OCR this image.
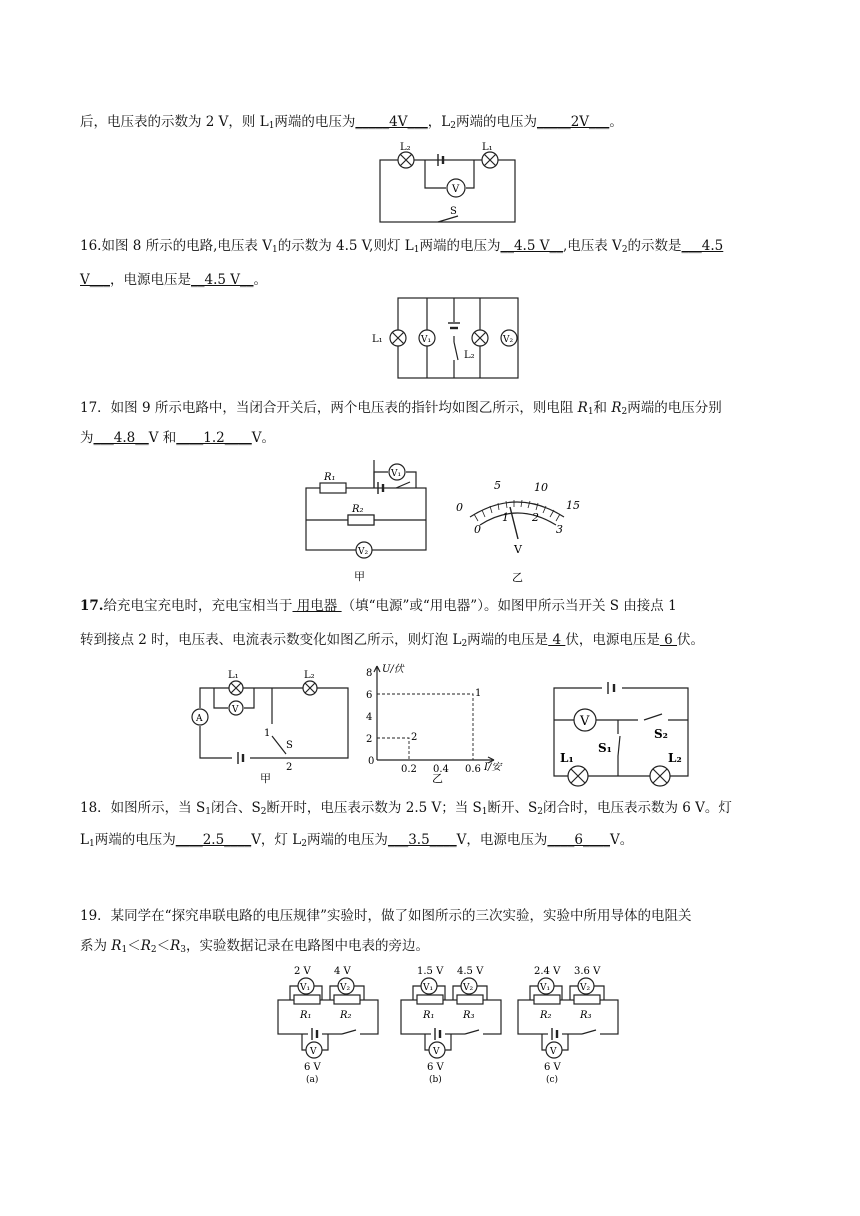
后，电压表的示数为 2 V，则 $L_1$两端的电压为_____4V___，$L_2$两端的电压为_____2V___。
L₂	L₁
V
S
16.如图 8 所示的电路,电压表 $V_1$的示数为 4.5 V,则灯 $L_1$两端的电压为__4.5 V__,电压表 $V_2$的示数是___4.5
V___，电源电压是__4.5 V__。
L₁	V₁
L₂
V₂
17．如图 9 所示电路中，当闭合开关后，两个电压表的指针均如图乙所示，则电阻 $R_1$和 $R_2$两端的电压分别
为___4.8__V 和____1.2____V。
R₁	V₁
R₂
V₂
甲
0
5	10
15
0
1 2
3
V
乙
17.给充电宝充电时，充电宝相当于 用电器 （填“电源”或“用电器”）。如图甲所示当开关 S 由接点 1
转到接点 2 时，电压表、电流表示数变化如图乙所示，则灯泡 $L_2$两端的电压是 4 伏，电源电压是 6 伏。
L₁	L₂
A
V
1
S
2
甲
2
4
6
8
0.2 0.4 0.6
2
1
U/伏
I/安
0
乙
V
S₂
S₁
L₁	L₂
18．如图所示，当 $S_1$闭合、$S_2$断开时，电压表示数为 2.5 V；当 $S_1$断开、$S_2$闭合时，电压表示数为 6 V。灯
$L_1$两端的电压为____2.5____V，灯 $L_2$两端的电压为___3.5____V，电源电压为____6____V。
19．某同学在“探究串联电路的电压规律”实验时，做了如图所示的三次实验，实验中所用导体的电阻关
系为 $R_1<R_2<R_3$，实验数据记录在电路图中电表的旁边。
2 V 4 V
V₁	V₂
R₁	R₂
V
6 V
(a)
1.5 V 4.5 V
V₁	V₂
R₁	R₃
V
6 V
(b)
2.4 V 3.6 V
V₁	V₂
R₂	R₃
V
6 V
(c)
